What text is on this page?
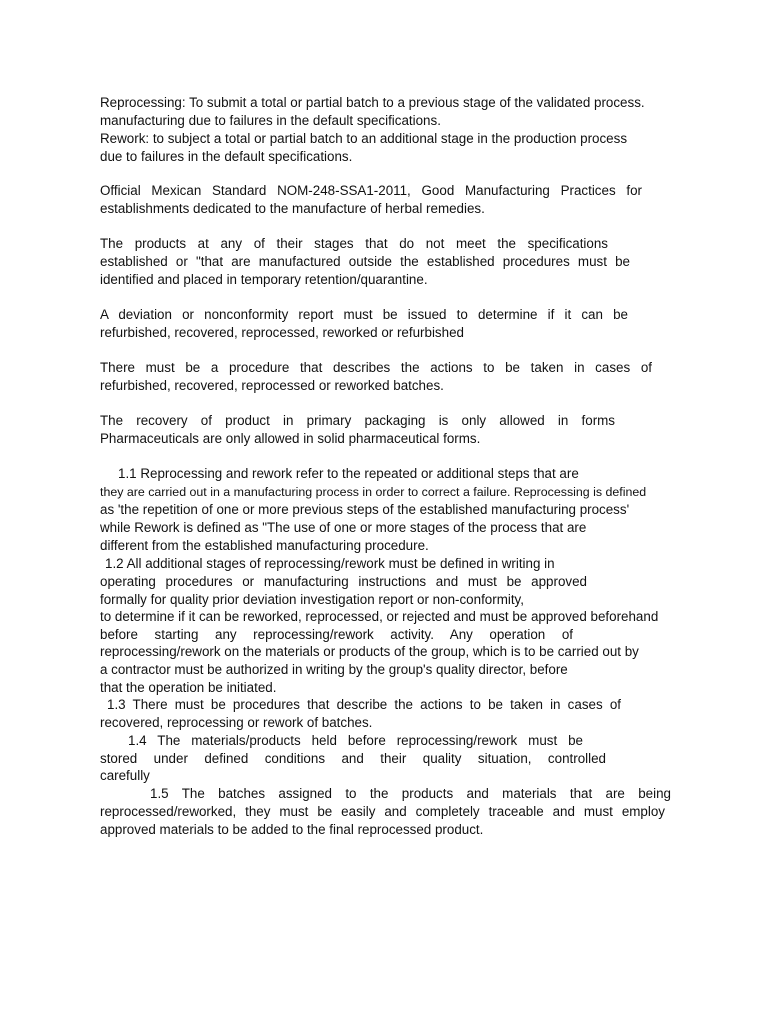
Reprocessing: To submit a total or partial batch to a previous stage of the validated process.

manufacturing due to failures in the default specifications.

Rework: to subject a total or partial batch to an additional stage in the production process

due to failures in the default specifications.

Official Mexican Standard NOM-248-SSA1-2011, Good Manufacturing Practices for

establishments dedicated to the manufacture of herbal remedies.

The products at any of their stages that do not meet the specifications

established or "that are manufactured outside the established procedures must be

identified and placed in temporary retention/quarantine.

A deviation or nonconformity report must be issued to determine if it can be

refurbished, recovered, reprocessed, reworked or refurbished

There must be a procedure that describes the actions to be taken in cases of

refurbished, recovered, reprocessed or reworked batches.

The recovery of product in primary packaging is only allowed in forms

Pharmaceuticals are only allowed in solid pharmaceutical forms.

1.1 Reprocessing and rework refer to the repeated or additional steps that are

they are carried out in a manufacturing process in order to correct a failure. Reprocessing is defined

as 'the repetition of one or more previous steps of the established manufacturing process'

while Rework is defined as "The use of one or more stages of the process that are

different from the established manufacturing procedure.

1.2 All additional stages of reprocessing/rework must be defined in writing in

operating procedures or manufacturing instructions and must be approved

formally for quality prior deviation investigation report or non-conformity,

to determine if it can be reworked, reprocessed, or rejected and must be approved beforehand

before starting any reprocessing/rework activity. Any operation of

reprocessing/rework on the materials or products of the group, which is to be carried out by

a contractor must be authorized in writing by the group's quality director, before

that the operation be initiated.

1.3 There must be procedures that describe the actions to be taken in cases of

recovered, reprocessing or rework of batches.

1.4 The materials/products held before reprocessing/rework must be

stored under defined conditions and their quality situation, controlled

carefully

1.5 The batches assigned to the products and materials that are being

reprocessed/reworked, they must be easily and completely traceable and must employ

approved materials to be added to the final reprocessed product.
